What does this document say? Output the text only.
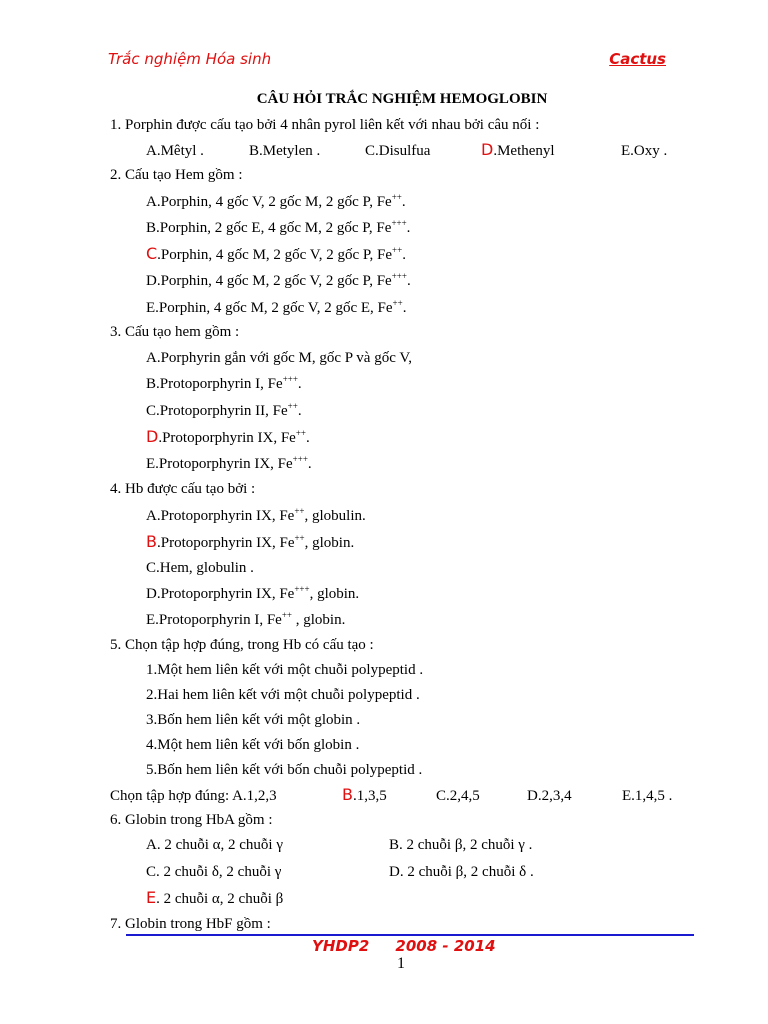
Trắc nghiệm Hóa sinh	Cactus
CÂU HỎI TRẮC NGHIỆM HEMOGLOBIN
1. Porphin được cấu tạo bởi 4 nhân pyrol liên kết với nhau bởi câu nối :
A.Mêtyl .	B.Metylen .	C.Disulfua	D.Methenyl	E.Oxy .
2. Cấu tạo Hem gồm :
A.Porphin, 4 gốc V, 2 gốc M, 2 gốc P, Fe++.
B.Porphin, 2 gốc E, 4 gốc M, 2 gốc P, Fe+++.
C.Porphin, 4 gốc M, 2 gốc V, 2 gốc P, Fe++.
D.Porphin, 4 gốc M, 2 gốc V, 2 gốc P, Fe+++.
E.Porphin, 4 gốc M, 2 gốc V, 2 gốc E, Fe++.
3. Cấu tạo hem gồm :
A.Porphyrin gắn với gốc M, gốc P và gốc V,
B.Protoporphyrin I, Fe+++.
C.Protoporphyrin II, Fe++.
D.Protoporphyrin IX, Fe++.
E.Protoporphyrin IX, Fe+++.
4. Hb được cấu tạo bởi :
A.Protoporphyrin IX, Fe++, globulin.
B.Protoporphyrin IX, Fe++, globin.
C.Hem, globulin .
D.Protoporphyrin IX, Fe+++, globin.
E.Protoporphyrin I, Fe++ , globin.
5. Chọn tập hợp đúng, trong Hb có cấu tạo :
1.Một hem liên kết với một chuỗi polypeptid .
2.Hai hem liên kết với một chuỗi polypeptid .
3.Bốn hem liên kết với một globin .
4.Một hem liên kết với bốn globin .
5.Bốn hem liên kết với bốn chuỗi polypeptid .
Chọn tập hợp đúng: A.1,2,3	B.1,3,5	C.2,4,5	D.2,3,4	E.1,4,5 .
6. Globin trong HbA gồm :
A. 2 chuỗi α, 2 chuỗi γ	B. 2 chuỗi β, 2 chuỗi γ .
C. 2 chuỗi δ, 2 chuỗi γ	D. 2 chuỗi β, 2 chuỗi δ .
E. 2 chuỗi α, 2 chuỗi β
7. Globin trong HbF gồm :
YHDP2     2008 - 2014
1
